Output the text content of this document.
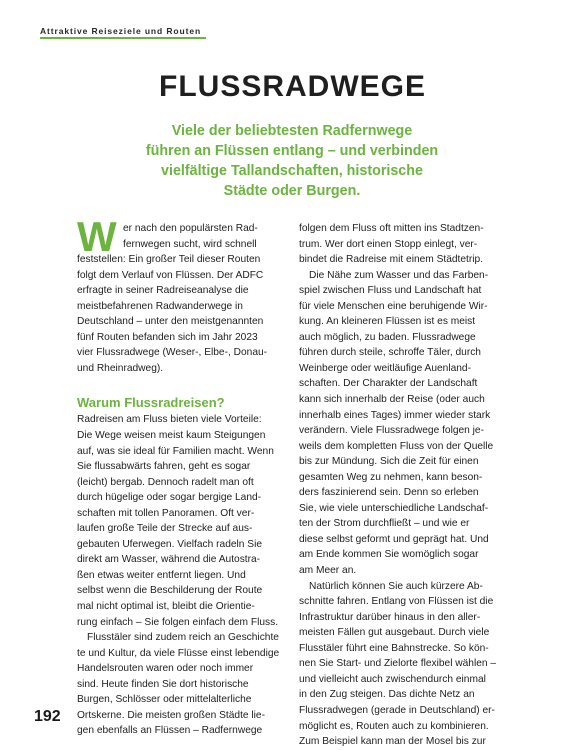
Attraktive Reiseziele und Routen
FLUSSRADWEGE
Viele der beliebtesten Radfernwege
führen an Flüssen entlang – und verbinden
vielfältige Tallandschaften, historische
Städte oder Burgen.
W er nach den populärsten Rad-
fernwegen sucht, wird schnell
feststellen: Ein großer Teil dieser Routen
folgt dem Verlauf von Flüssen. Der ADFC
erfragte in seiner Radreiseanalyse die
meistbefahrenen Radwanderwege in
Deutschland – unter den meistgenannten
fünf Routen befanden sich im Jahr 2023
vier Flussradwege (Weser-, Elbe-, Donau-
und Rheinradweg).
Warum Flussradreisen?
Radreisen am Fluss bieten viele Vorteile:
Die Wege weisen meist kaum Steigungen
auf, was sie ideal für Familien macht. Wenn
Sie flussabwärts fahren, geht es sogar
(leicht) bergab. Dennoch radelt man oft
durch hügelige oder sogar bergige Land-
schaften mit tollen Panoramen. Oft ver-
laufen große Teile der Strecke auf aus-
gebauten Uferwegen. Vielfach radeln Sie
direkt am Wasser, während die Autostra-
ßen etwas weiter entfernt liegen. Und
selbst wenn die Beschilderung der Route
mal nicht optimal ist, bleibt die Orientie-
rung einfach – Sie folgen einfach dem Fluss.
Flusstäler sind zudem reich an Geschichte
te und Kultur, da viele Flüsse einst lebendige
Handelsrouten waren oder noch immer
sind. Heute finden Sie dort historische
Burgen, Schlösser oder mittelalterliche
Ortskerne. Die meisten großen Städte lie-
gen ebenfalls an Flüssen – Radfernwege
folgen dem Fluss oft mitten ins Stadtzen-
trum. Wer dort einen Stopp einlegt, ver-
bindet die Radreise mit einem Städtetrip.
Die Nähe zum Wasser und das Farben-
spiel zwischen Fluss und Landschaft hat
für viele Menschen eine beruhigende Wir-
kung. An kleineren Flüssen ist es meist
auch möglich, zu baden. Flussradwege
führen durch steile, schroffe Täler, durch
Weinberge oder weitläufige Auenland-
schaften. Der Charakter der Landschaft
kann sich innerhalb der Reise (oder auch
innerhalb eines Tages) immer wieder stark
verändern. Viele Flussradwege folgen je-
weils dem kompletten Fluss von der Quelle
bis zur Mündung. Sich die Zeit für einen
gesamten Weg zu nehmen, kann beson-
ders faszinierend sein. Denn so erleben
Sie, wie viele unterschiedliche Landschaf-
ten der Strom durchfließt – und wie er
diese selbst geformt und geprägt hat. Und
am Ende kommen Sie womöglich sogar
am Meer an.
Natürlich können Sie auch kürzere Ab-
schnitte fahren. Entlang von Flüssen ist die
Infrastruktur darüber hinaus in den aller-
meisten Fällen gut ausgebaut. Durch viele
Flusstäler führt eine Bahnstrecke. So kön-
nen Sie Start- und Zielorte flexibel wählen –
und vielleicht auch zwischendurch einmal
in den Zug steigen. Das dichte Netz an
Flussradwegen (gerade in Deutschland) er-
möglicht es, Routen auch zu kombinieren.
Zum Beispiel kann man der Mosel bis zur
192
